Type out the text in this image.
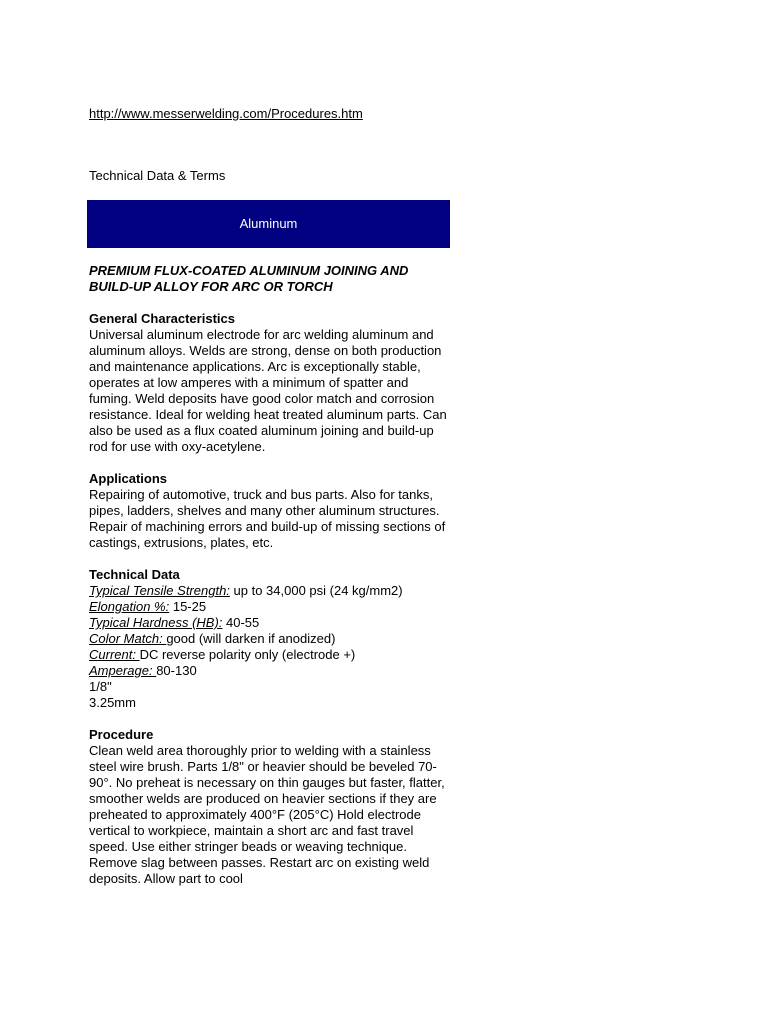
http://www.messerwelding.com/Procedures.htm
Technical Data & Terms
Aluminum

PREMIUM FLUX-COATED ALUMINUM JOINING AND BUILD-UP ALLOY FOR ARC OR TORCH

General Characteristics

Universal aluminum electrode for arc welding aluminum and aluminum alloys. Welds are strong, dense on both production and maintenance applications. Arc is exceptionally stable, operates at low amperes with a minimum of spatter and fuming. Weld deposits have good color match and corrosion resistance. Ideal for welding heat treated aluminum parts. Can also be used as a flux coated aluminum joining and build-up rod for use with oxy-acetylene.

Applications

Repairing of automotive, truck and bus parts. Also for tanks, pipes, ladders, shelves and many other aluminum structures. Repair of machining errors and build-up of missing sections of castings, extrusions, plates, etc.

Technical Data

Typical Tensile Strength: up to 34,000 psi (24 kg/mm2)

Elongation %: 15-25

Typical Hardness (HB): 40-55

Color Match: good (will darken if anodized)

Current: DC reverse polarity only (electrode +)

Amperage: 80-130

1/8"

3.25mm

Procedure

Clean weld area thoroughly prior to welding with a stainless steel wire brush. Parts 1/8" or heavier should be beveled 70-90°. No preheat is necessary on thin gauges but faster, flatter, smoother welds are produced on heavier sections if they are preheated to approximately 400°F (205°C) Hold electrode vertical to workpiece, maintain a short arc and fast travel speed. Use either stringer beads or weaving technique. Remove slag between passes. Restart arc on existing weld deposits. Allow part to cool
